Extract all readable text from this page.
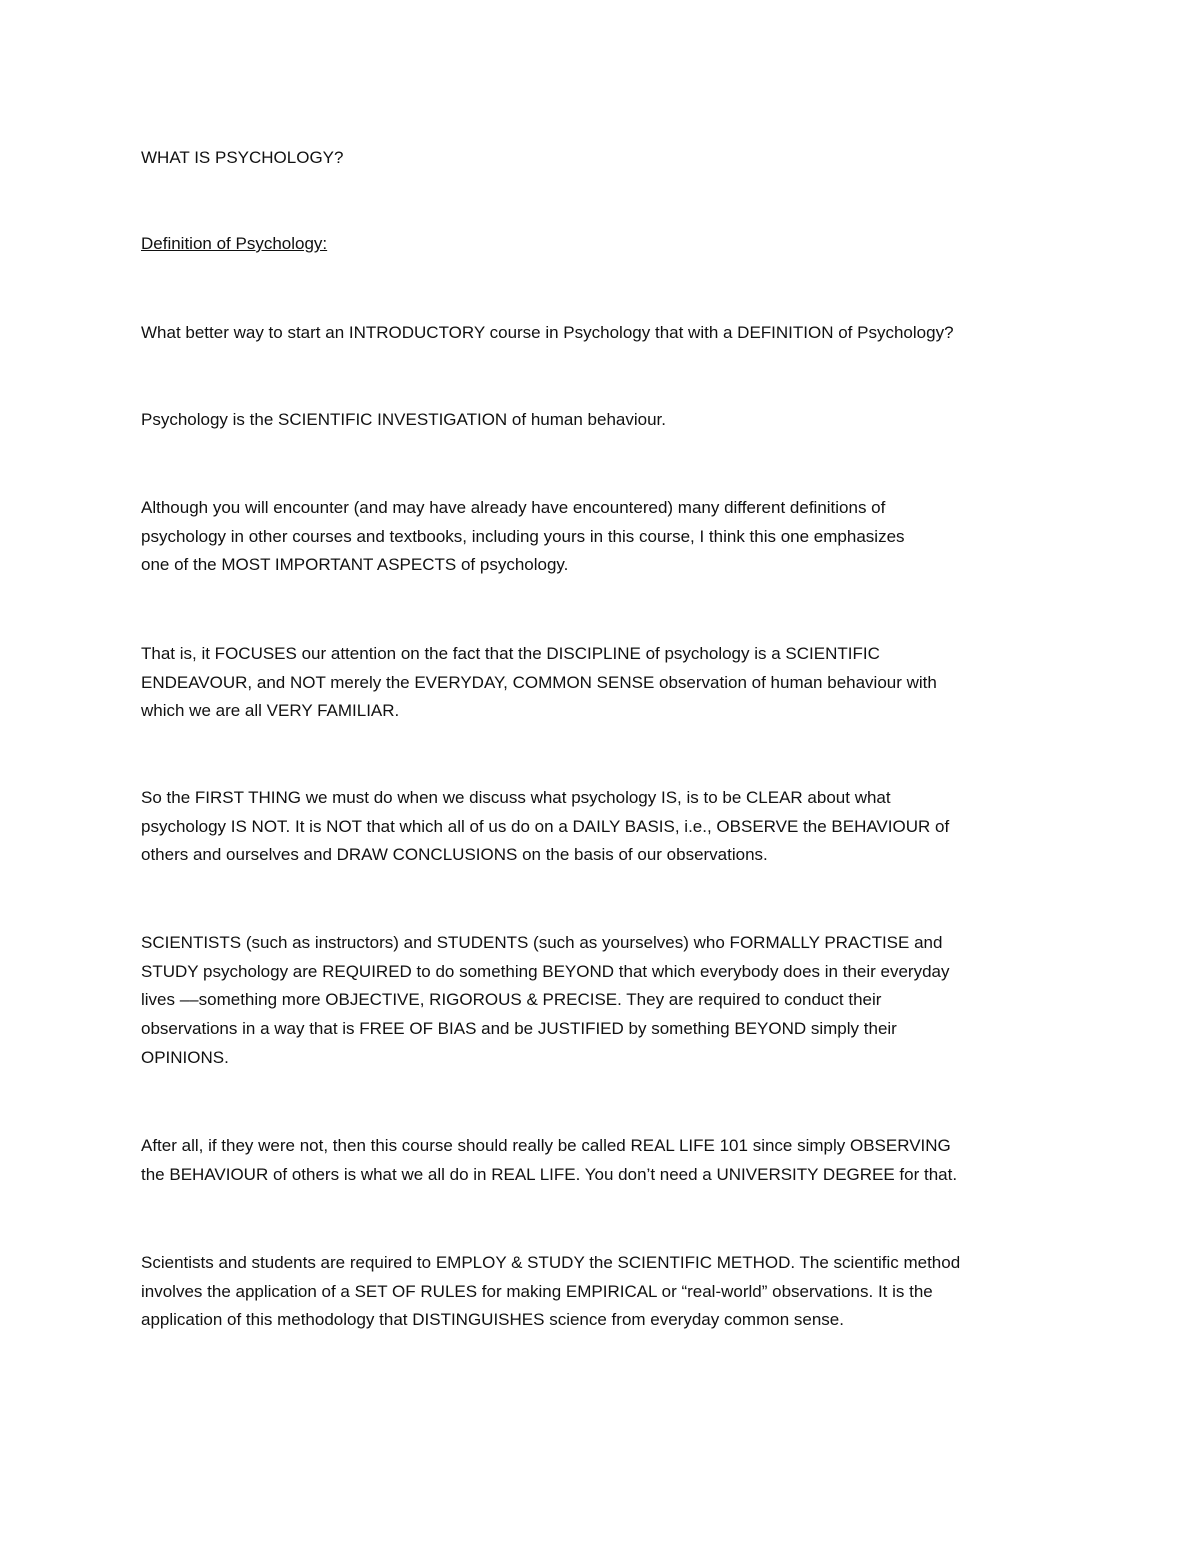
WHAT IS PSYCHOLOGY?
Definition of Psychology:

What better way to start an INTRODUCTORY course in Psychology that with a DEFINITION of Psychology?

Psychology is the SCIENTIFIC INVESTIGATION of human behaviour.

Although you will encounter (and may have already have encountered) many different definitions of
psychology in other courses and textbooks, including yours in this course, I think this one emphasizes
one of the MOST IMPORTANT ASPECTS of psychology.

That is, it FOCUSES our attention on the fact that the DISCIPLINE of psychology is a SCIENTIFIC
ENDEAVOUR, and NOT merely the EVERYDAY, COMMON SENSE observation of human behaviour with
which we are all VERY FAMILIAR.

So the FIRST THING we must do when we discuss what psychology IS, is to be CLEAR about what
psychology IS NOT. It is NOT that which all of us do on a DAILY BASIS, i.e., OBSERVE the BEHAVIOUR of
others and ourselves and DRAW CONCLUSIONS on the basis of our observations.

SCIENTISTS (such as instructors) and STUDENTS (such as yourselves) who FORMALLY PRACTISE and
STUDY psychology are REQUIRED to do something BEYOND that which everybody does in their everyday
lives ––something more OBJECTIVE, RIGOROUS & PRECISE. They are required to conduct their
observations in a way that is FREE OF BIAS and be JUSTIFIED by something BEYOND simply their
OPINIONS.

After all, if they were not, then this course should really be called REAL LIFE 101 since simply OBSERVING
the BEHAVIOUR of others is what we all do in REAL LIFE. You don’t need a UNIVERSITY DEGREE for that.

Scientists and students are required to EMPLOY & STUDY the SCIENTIFIC METHOD. The scientific method
involves the application of a SET OF RULES for making EMPIRICAL or “real-world” observations. It is the
application of this methodology that DISTINGUISHES science from everyday common sense.
